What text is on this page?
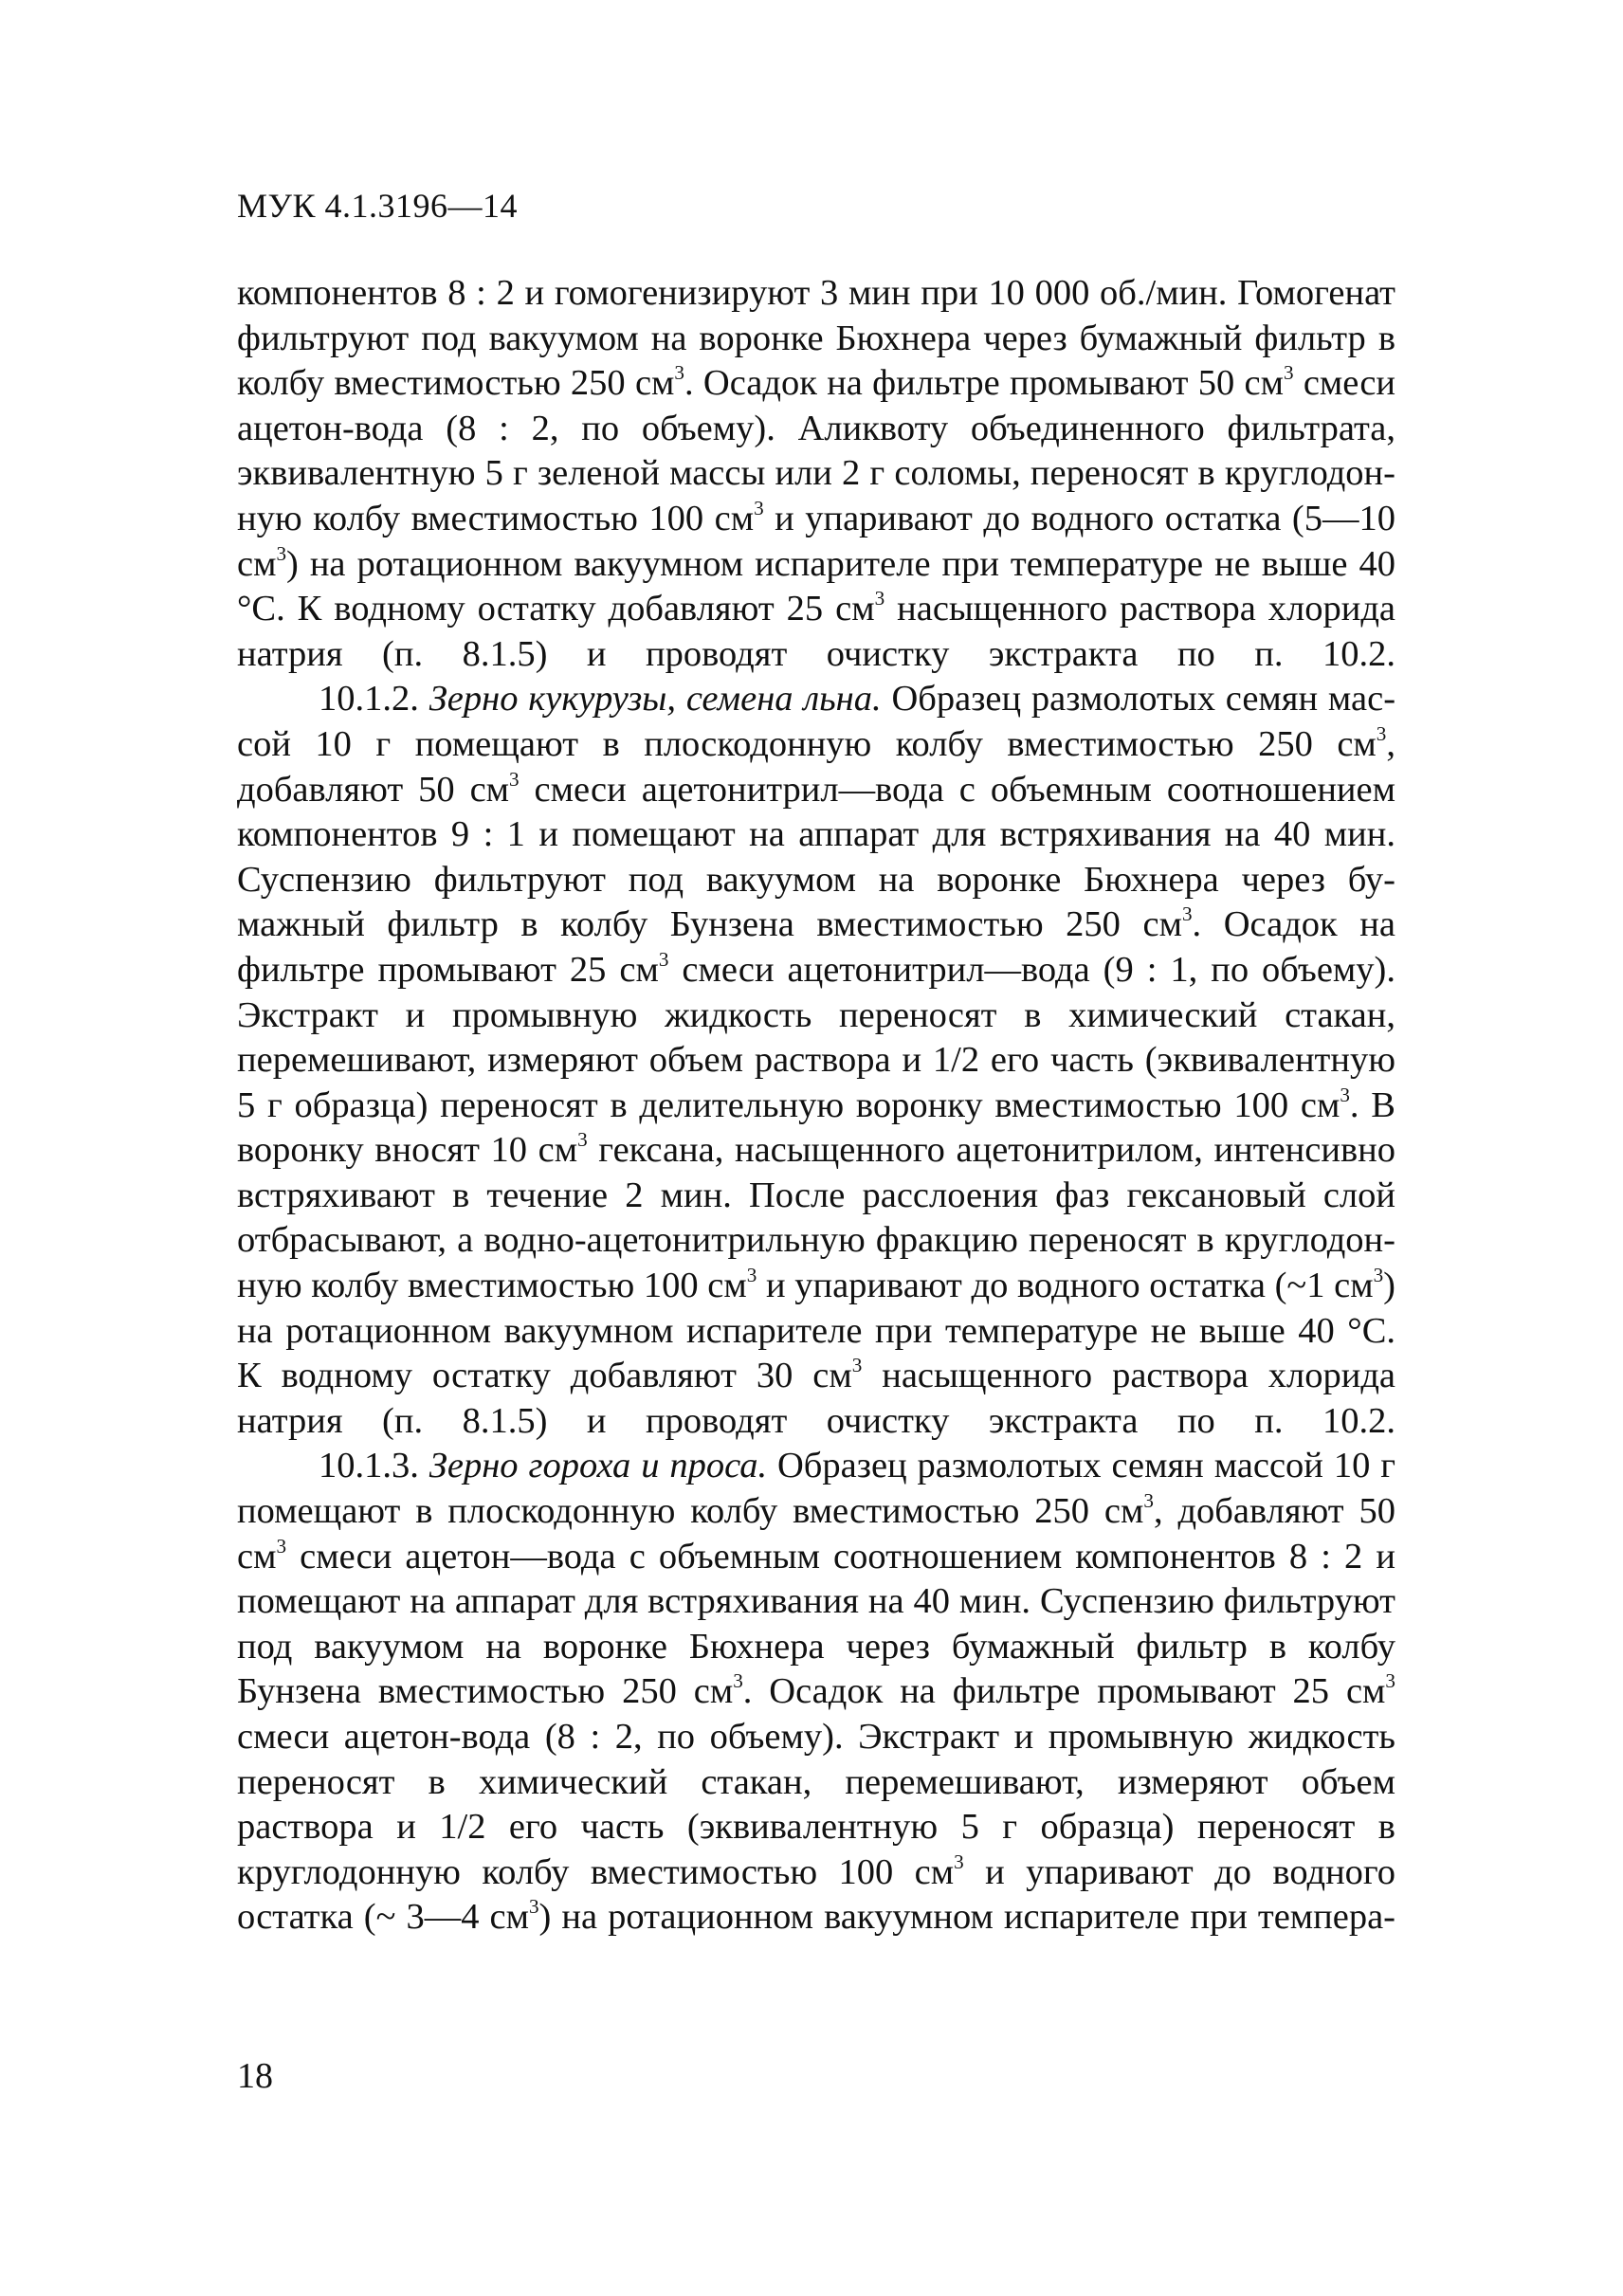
МУК 4.1.3196—14

компонентов 8 : 2 и гомогенизируют 3 мин при 10 000 об./мин. Гомогенат фильтруют под вакуумом на воронке Бюхнера через бумажный фильтр в колбу вместимостью 250 $см^3$. Осадок на фильтре промывают 50 $см^3$ смеси ацетон-вода (8 : 2, по объему). Аликвоту объединенного фильтрата, эквивалентную 5 г зеленой массы или 2 г соломы, переносят в круглодонную колбу вместимостью 100 $см^3$ и упаривают до водного остатка (5—10 $см^3$) на ротационном вакуумном испарителе при температуре не выше 40 °С. К водному остатку добавляют 25 $см^3$ насыщенного раствора хлорида натрия (п. 8.1.5) и проводят очистку экстракта по п. 10.2.

10.1.2. Зерно кукурузы, семена льна. Образец размолотых семян массой 10 г помещают в плоскодонную колбу вместимостью 250 $см^3$, добавляют 50 $см^3$ смеси ацетонитрил—вода с объемным соотношением компонентов 9 : 1 и помещают на аппарат для встряхивания на 40 мин. Суспензию фильтруют под вакуумом на воронке Бюхнера через бумажный фильтр в колбу Бунзена вместимостью 250 $см^3$. Осадок на фильтре промывают 25 $см^3$ смеси ацетонитрил—вода (9 : 1, по объему). Экстракт и промывную жидкость переносят в химический стакан, перемешивают, измеряют объем раствора и 1/2 его часть (эквивалентную 5 г образца) переносят в делительную воронку вместимостью 100 $см^3$. В воронку вносят 10 $см^3$ гексана, насыщенного ацетонитрилом, интенсивно встряхивают в течение 2 мин. После расслоения фаз гексановый слой отбрасывают, а водно-ацетонитрильную фракцию переносят в круглодонную колбу вместимостью 100 $см^3$ и упаривают до водного остатка (~1 $см^3$) на ротационном вакуумном испарителе при температуре не выше 40 °С. К водному остатку добавляют 30 $см^3$ насыщенного раствора хлорида натрия (п. 8.1.5) и проводят очистку экстракта по п. 10.2.

10.1.3. Зерно гороха и проса. Образец размолотых семян массой 10 г помещают в плоскодонную колбу вместимостью 250 $см^3$, добавляют 50 $см^3$ смеси ацетон—вода с объемным соотношением компонентов 8 : 2 и помещают на аппарат для встряхивания на 40 мин. Суспензию фильтруют под вакуумом на воронке Бюхнера через бумажный фильтр в колбу Бунзена вместимостью 250 $см^3$. Осадок на фильтре промывают 25 $см^3$ смеси ацетон-вода (8 : 2, по объему). Экстракт и промывную жидкость переносят в химический стакан, перемешивают, измеряют объем раствора и 1/2 его часть (эквивалентную 5 г образца) переносят в круглодонную колбу вместимостью 100 $см^3$ и упаривают до водного остатка (~ 3—4 $см^3$) на ротационном вакуумном испарителе при темпера-

18
